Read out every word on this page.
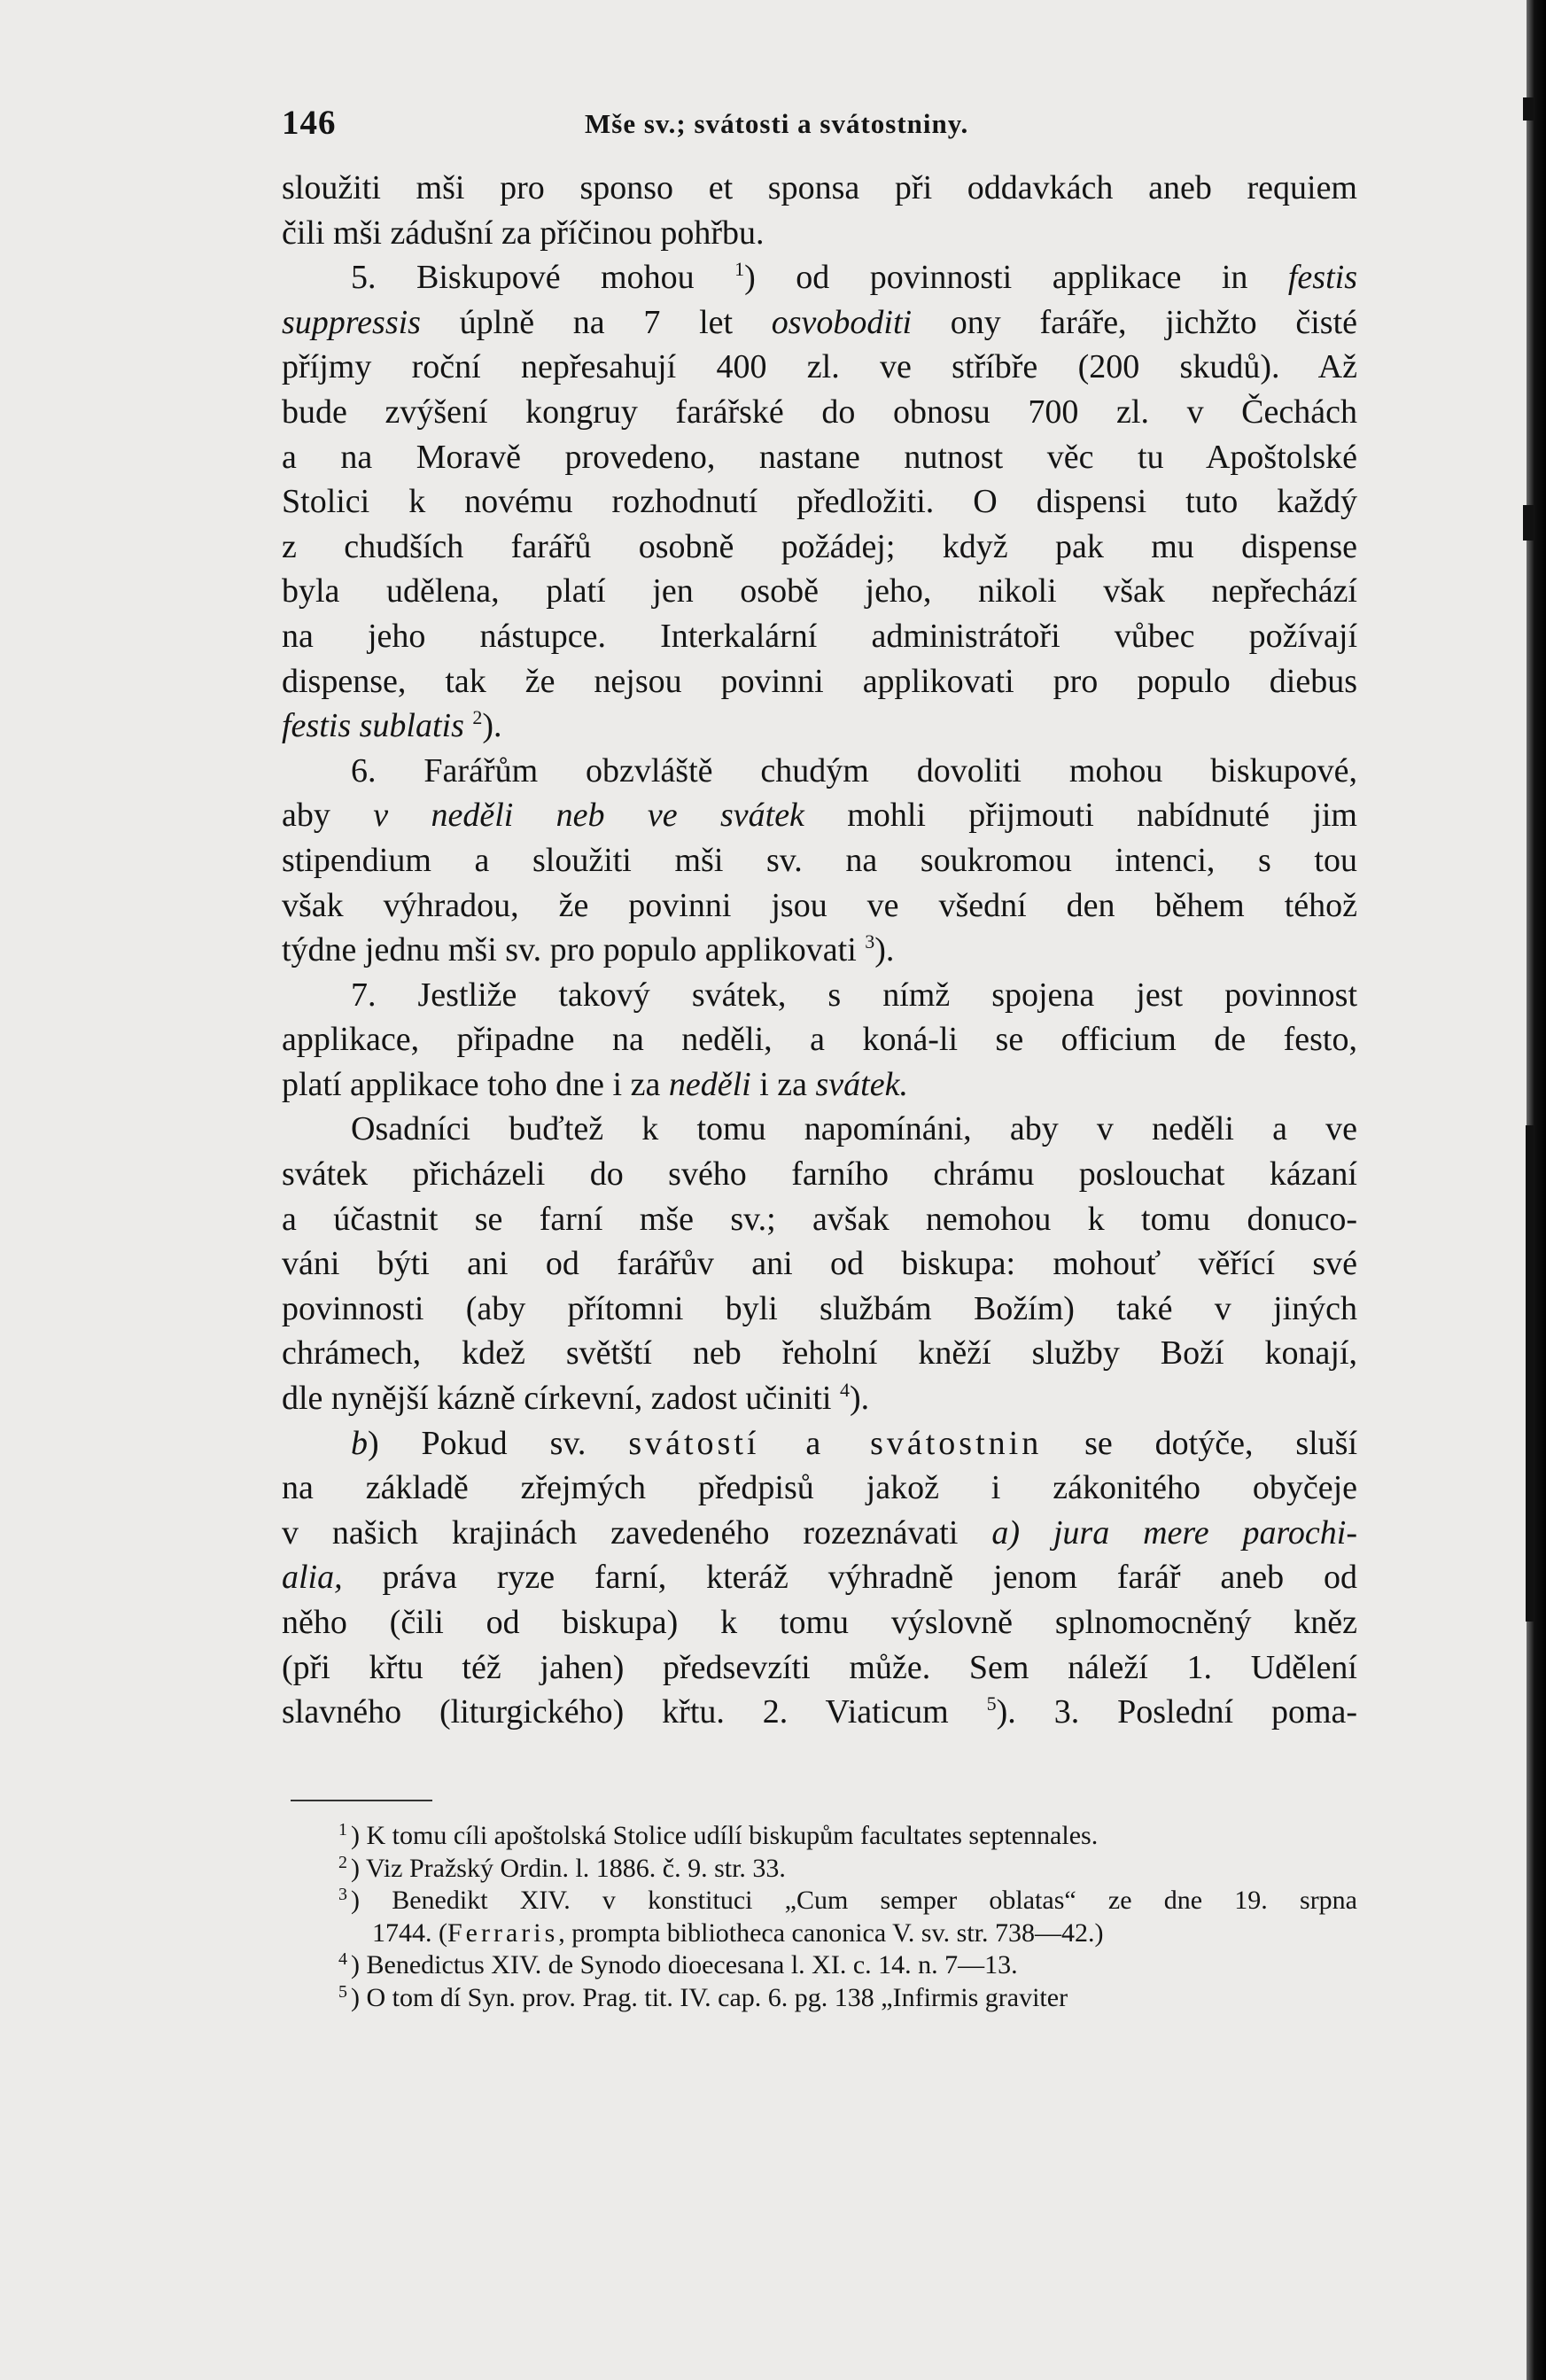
146	Mše sv.; svátosti a svátostniny.
sloužiti mši pro sponso et sponsa při oddavkách aneb requiem
čili mši zádušní za příčinou pohřbu.
5. Biskupové mohou $^1$) od povinnosti applikace in festis
suppressis úplně na 7 let osvoboditi ony faráře, jichžto čisté
příjmy roční nepřesahují 400 zl. ve stříbře (200 skudů). Až
bude zvýšení kongruy farářské do obnosu 700 zl. v Čechách
a na Moravě provedeno, nastane nutnost věc tu Apoštolské
Stolici k novému rozhodnutí předložiti. O dispensi tuto každý
z chudších farářů osobně požádej; když pak mu dispense
byla udělena, platí jen osobě jeho, nikoli však nepřechází
na jeho nástupce. Interkalární administrátoři vůbec požívají
dispense, tak že nejsou povinni applikovati pro populo diebus
festis sublatis $^2$).
6. Farářům obzvláště chudým dovoliti mohou biskupové,
aby v neděli neb ve svátek mohli přijmouti nabídnuté jim
stipendium a sloužiti mši sv. na soukromou intenci, s tou
však výhradou, že povinni jsou ve všední den během téhož
týdne jednu mši sv. pro populo applikovati $^3$).
7. Jestliže takový svátek, s nímž spojena jest povinnost
applikace, připadne na neděli, a koná-li se officium de festo,
platí applikace toho dne i za neděli i za svátek.
Osadníci buďtež k tomu napomínáni, aby v neděli a ve
svátek přicházeli do svého farního chrámu poslouchat kázaní
a účastnit se farní mše sv.; avšak nemohou k tomu donuco-
váni býti ani od farářův ani od biskupa: mohouť věřící své
povinnosti (aby přítomni byli službám Božím) také v jiných
chrámech, kdež světští neb řeholní kněží služby Boží konají,
dle nynější kázně církevní, zadost učiniti $^4$).
b) Pokud sv. svátostí a svátostnin se dotýče, sluší
na základě zřejmých předpisů jakož i zákonitého obyčeje
v našich krajinách zavedeného rozeznávati a) jura mere parochi-
alia, práva ryze farní, kteráž výhradně jenom farář aneb od
něho (čili od biskupa) k tomu výslovně splnomocněný kněz
(při křtu též jahen) předsevzíti může. Sem náleží 1. Udělení
slavného (liturgického) křtu. 2. Viaticum $^5$). 3. Poslední poma-
$^1$ ) K tomu cíli apoštolská Stolice udílí biskupům facultates septennales.
$^2$ ) Viz Pražský Ordin. l. 1886. č. 9. str. 33.
$^3$ ) Benedikt XIV. v konstituci „Cum semper oblatas“ ze dne 19. srpna
1744. (Ferraris, prompta bibliotheca canonica V. sv. str. 738—42.)
$^4$ ) Benedictus XIV. de Synodo dioecesana l. XI. c. 14. n. 7—13.
$^5$ ) O tom dí Syn. prov. Prag. tit. IV. cap. 6. pg. 138 „Infirmis graviter
